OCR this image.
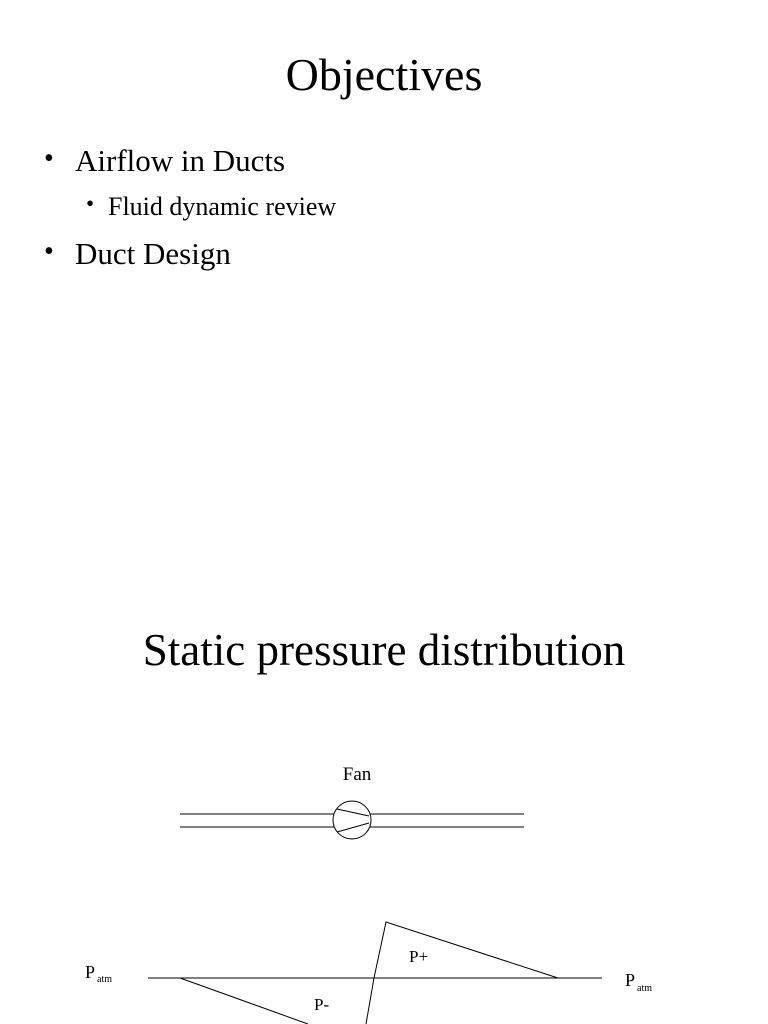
Objectives
• Airflow in Ducts
• Fluid dynamic review
• Duct Design
Static pressure distribution
Fan
P+
P-
P atm	P atm
